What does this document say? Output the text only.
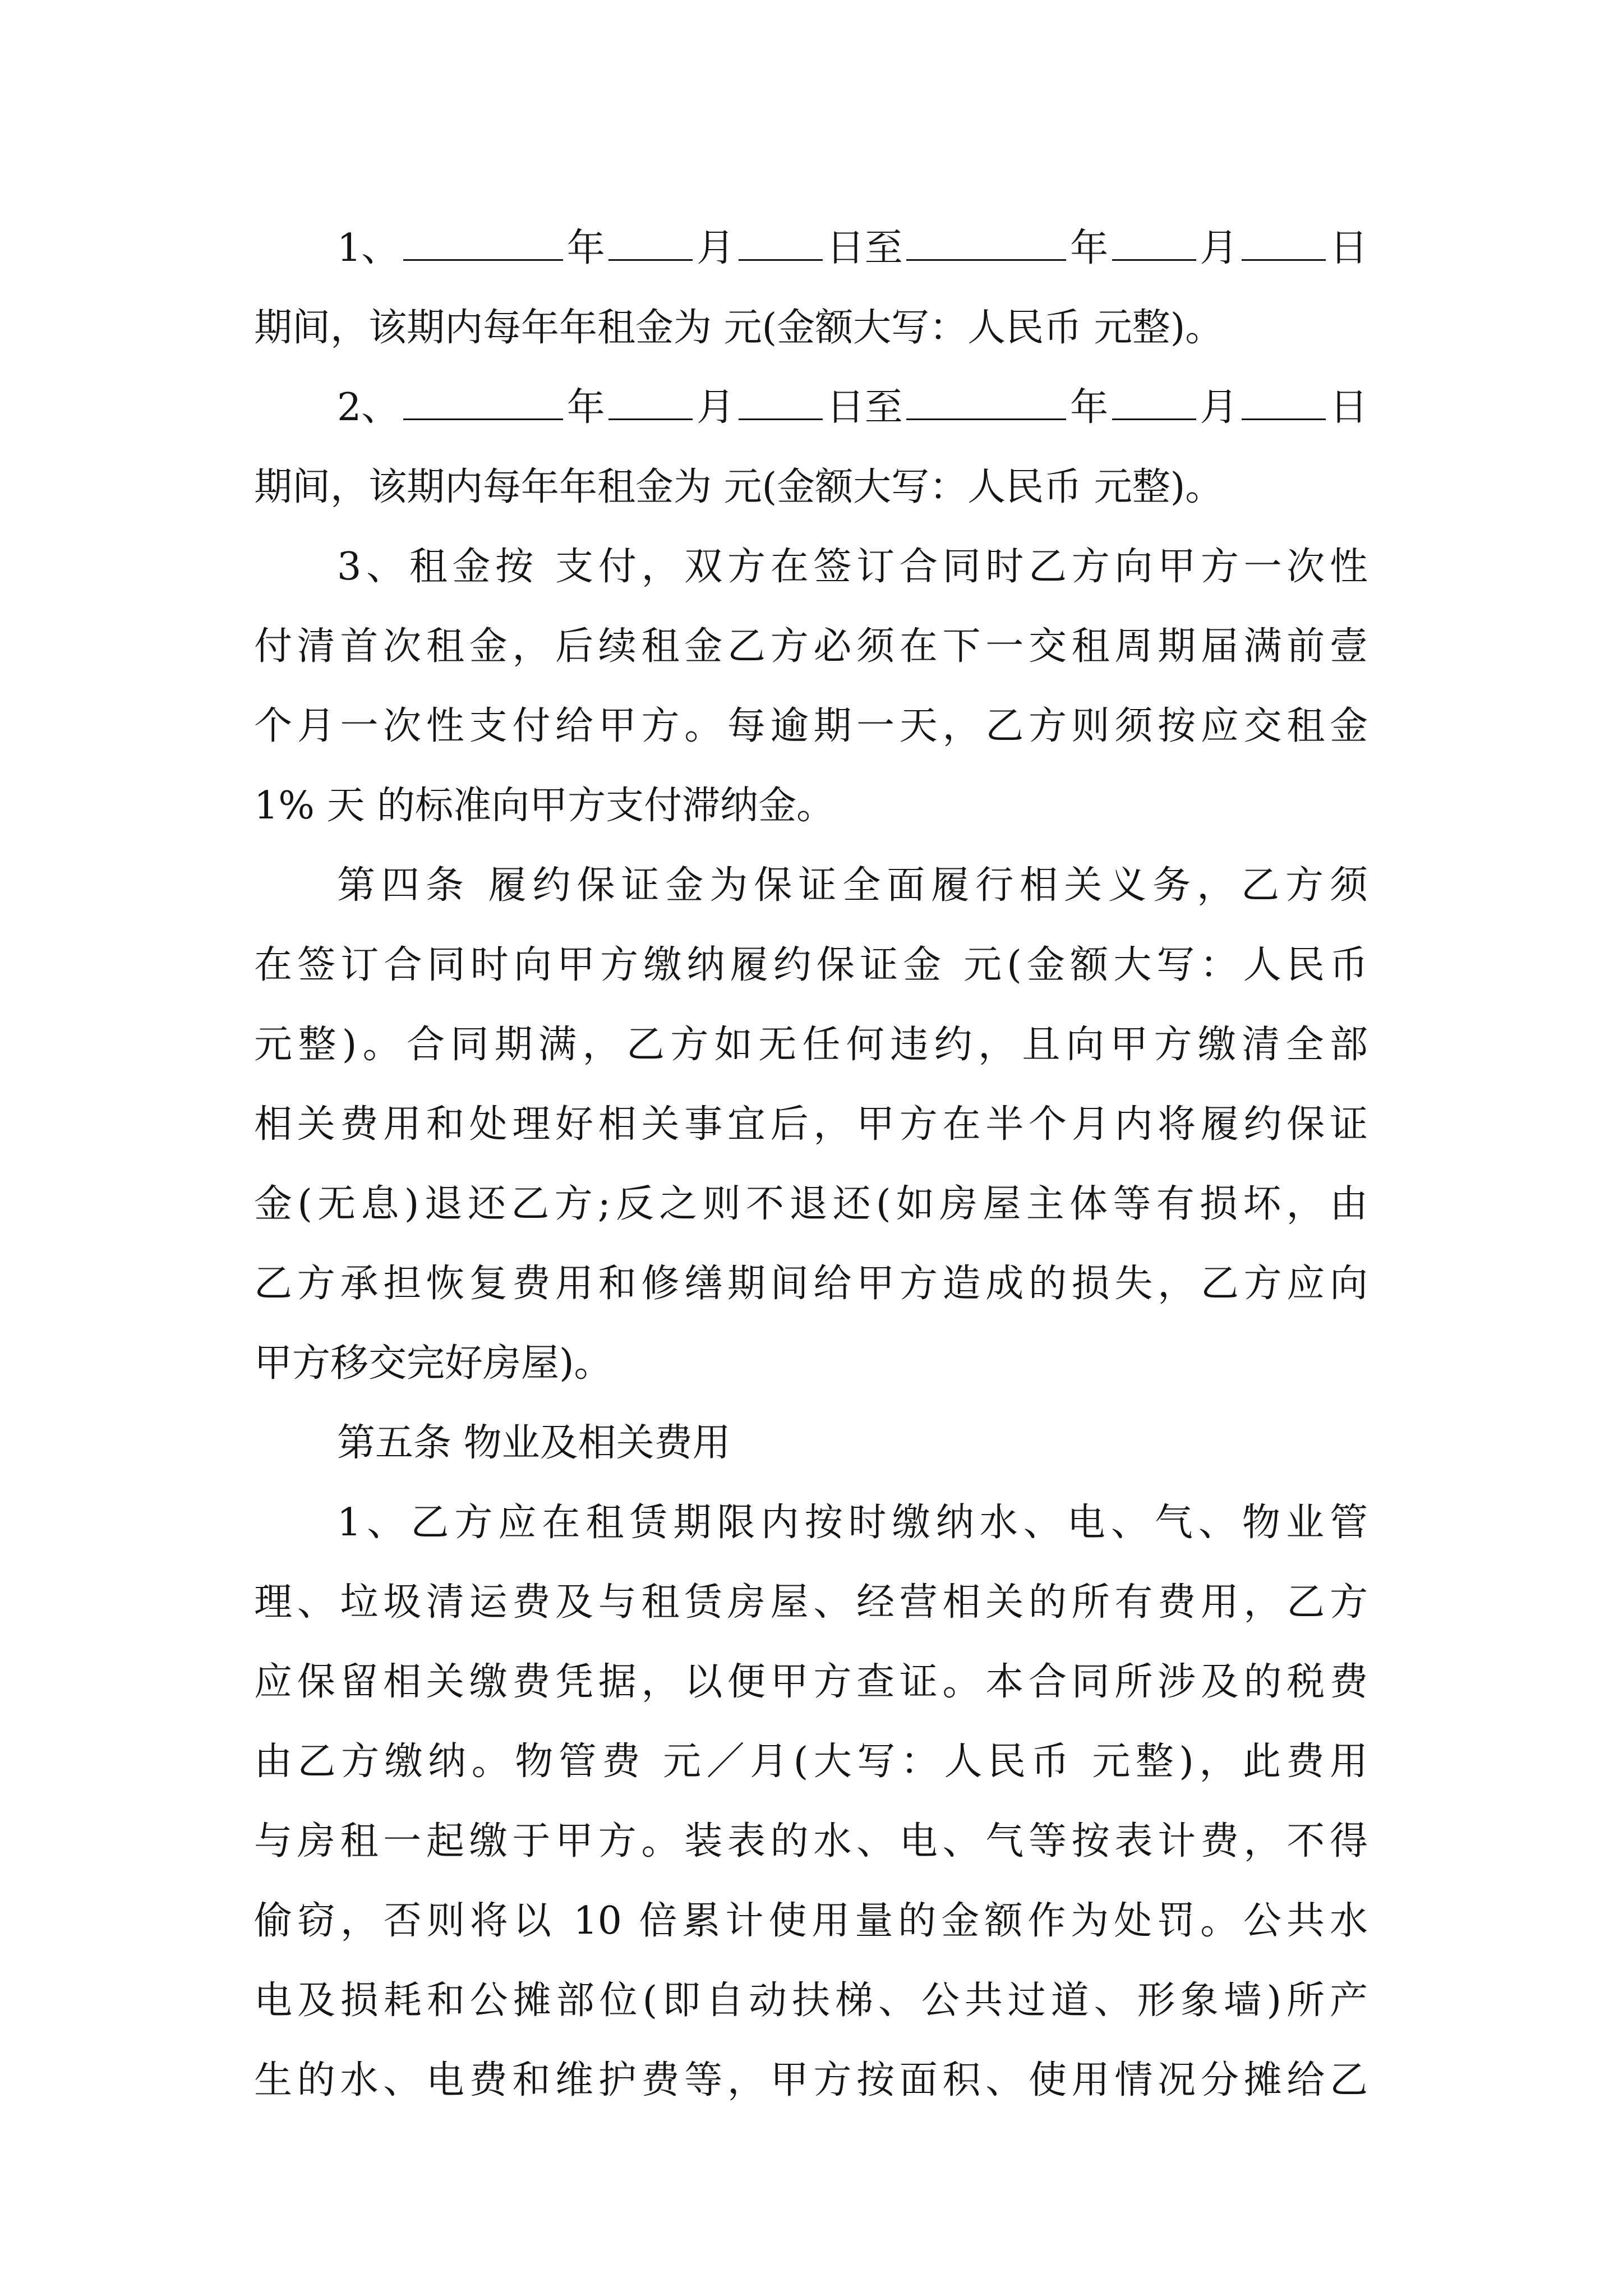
1、	年 月 日至	年 月 日
期间，该期内每年年租金为 元(金额大写：人民币 元整)。
2、	年 月 日至	年 月 日
期间，该期内每年年租金为 元(金额大写：人民币 元整)。
3、租金按 支付，双方在签订合同时乙方向甲方一次性
付清首次租金，后续租金乙方必须在下一交租周期届满前壹
个月一次性支付给甲方。每逾期一天，乙方则须按应交租金
1% 天 的标准向甲方支付滞纳金。
第四条 履约保证金为保证全面履行相关义务，乙方须
在签订合同时向甲方缴纳履约保证金 元(金额大写：人民币
元整)。合同期满，乙方如无任何违约，且向甲方缴清全部
相关费用和处理好相关事宜后，甲方在半个月内将履约保证
金(无息)退还乙方;反之则不退还(如房屋主体等有损坏，由
乙方承担恢复费用和修缮期间给甲方造成的损失，乙方应向
甲方移交完好房屋)。
第五条 物业及相关费用
1、乙方应在租赁期限内按时缴纳水、电、气、物业管
理、垃圾清运费及与租赁房屋、经营相关的所有费用，乙方
应保留相关缴费凭据，以便甲方查证。本合同所涉及的税费
由乙方缴纳。物管费 元／月(大写：人民币 元整)，此费用
与房租一起缴于甲方。装表的水、电、气等按表计费，不得
偷窃，否则将以 10 倍累计使用量的金额作为处罚。公共水
电及损耗和公摊部位(即自动扶梯、公共过道、形象墙)所产
生的水、电费和维护费等，甲方按面积、使用情况分摊给乙
